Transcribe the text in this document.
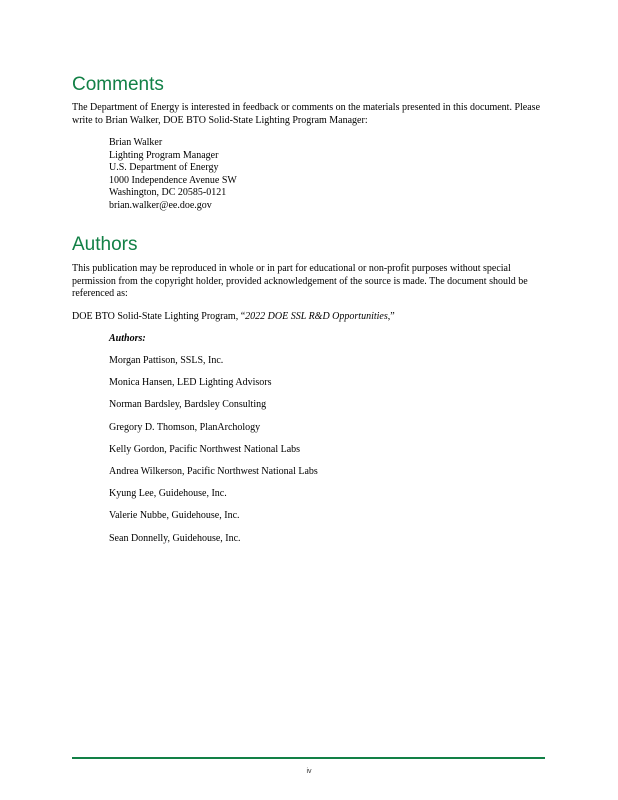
Comments

The Department of Energy is interested in feedback or comments on the materials presented in this document. Please write to Brian Walker, DOE BTO Solid-State Lighting Program Manager:

Brian Walker
Lighting Program Manager
U.S. Department of Energy
1000 Independence Avenue SW
Washington, DC 20585-0121
brian.walker@ee.doe.gov
Authors

This publication may be reproduced in whole or in part for educational or non-profit purposes without special permission from the copyright holder, provided acknowledgement of the source is made. The document should be referenced as:

DOE BTO Solid-State Lighting Program, “2022 DOE SSL R&D Opportunities,”

Authors:
Morgan Pattison, SSLS, Inc.
Monica Hansen, LED Lighting Advisors
Norman Bardsley, Bardsley Consulting
Gregory D. Thomson, PlanArchology
Kelly Gordon, Pacific Northwest National Labs
Andrea Wilkerson, Pacific Northwest National Labs
Kyung Lee, Guidehouse, Inc.
Valerie Nubbe, Guidehouse, Inc.
Sean Donnelly, Guidehouse, Inc.
iv
